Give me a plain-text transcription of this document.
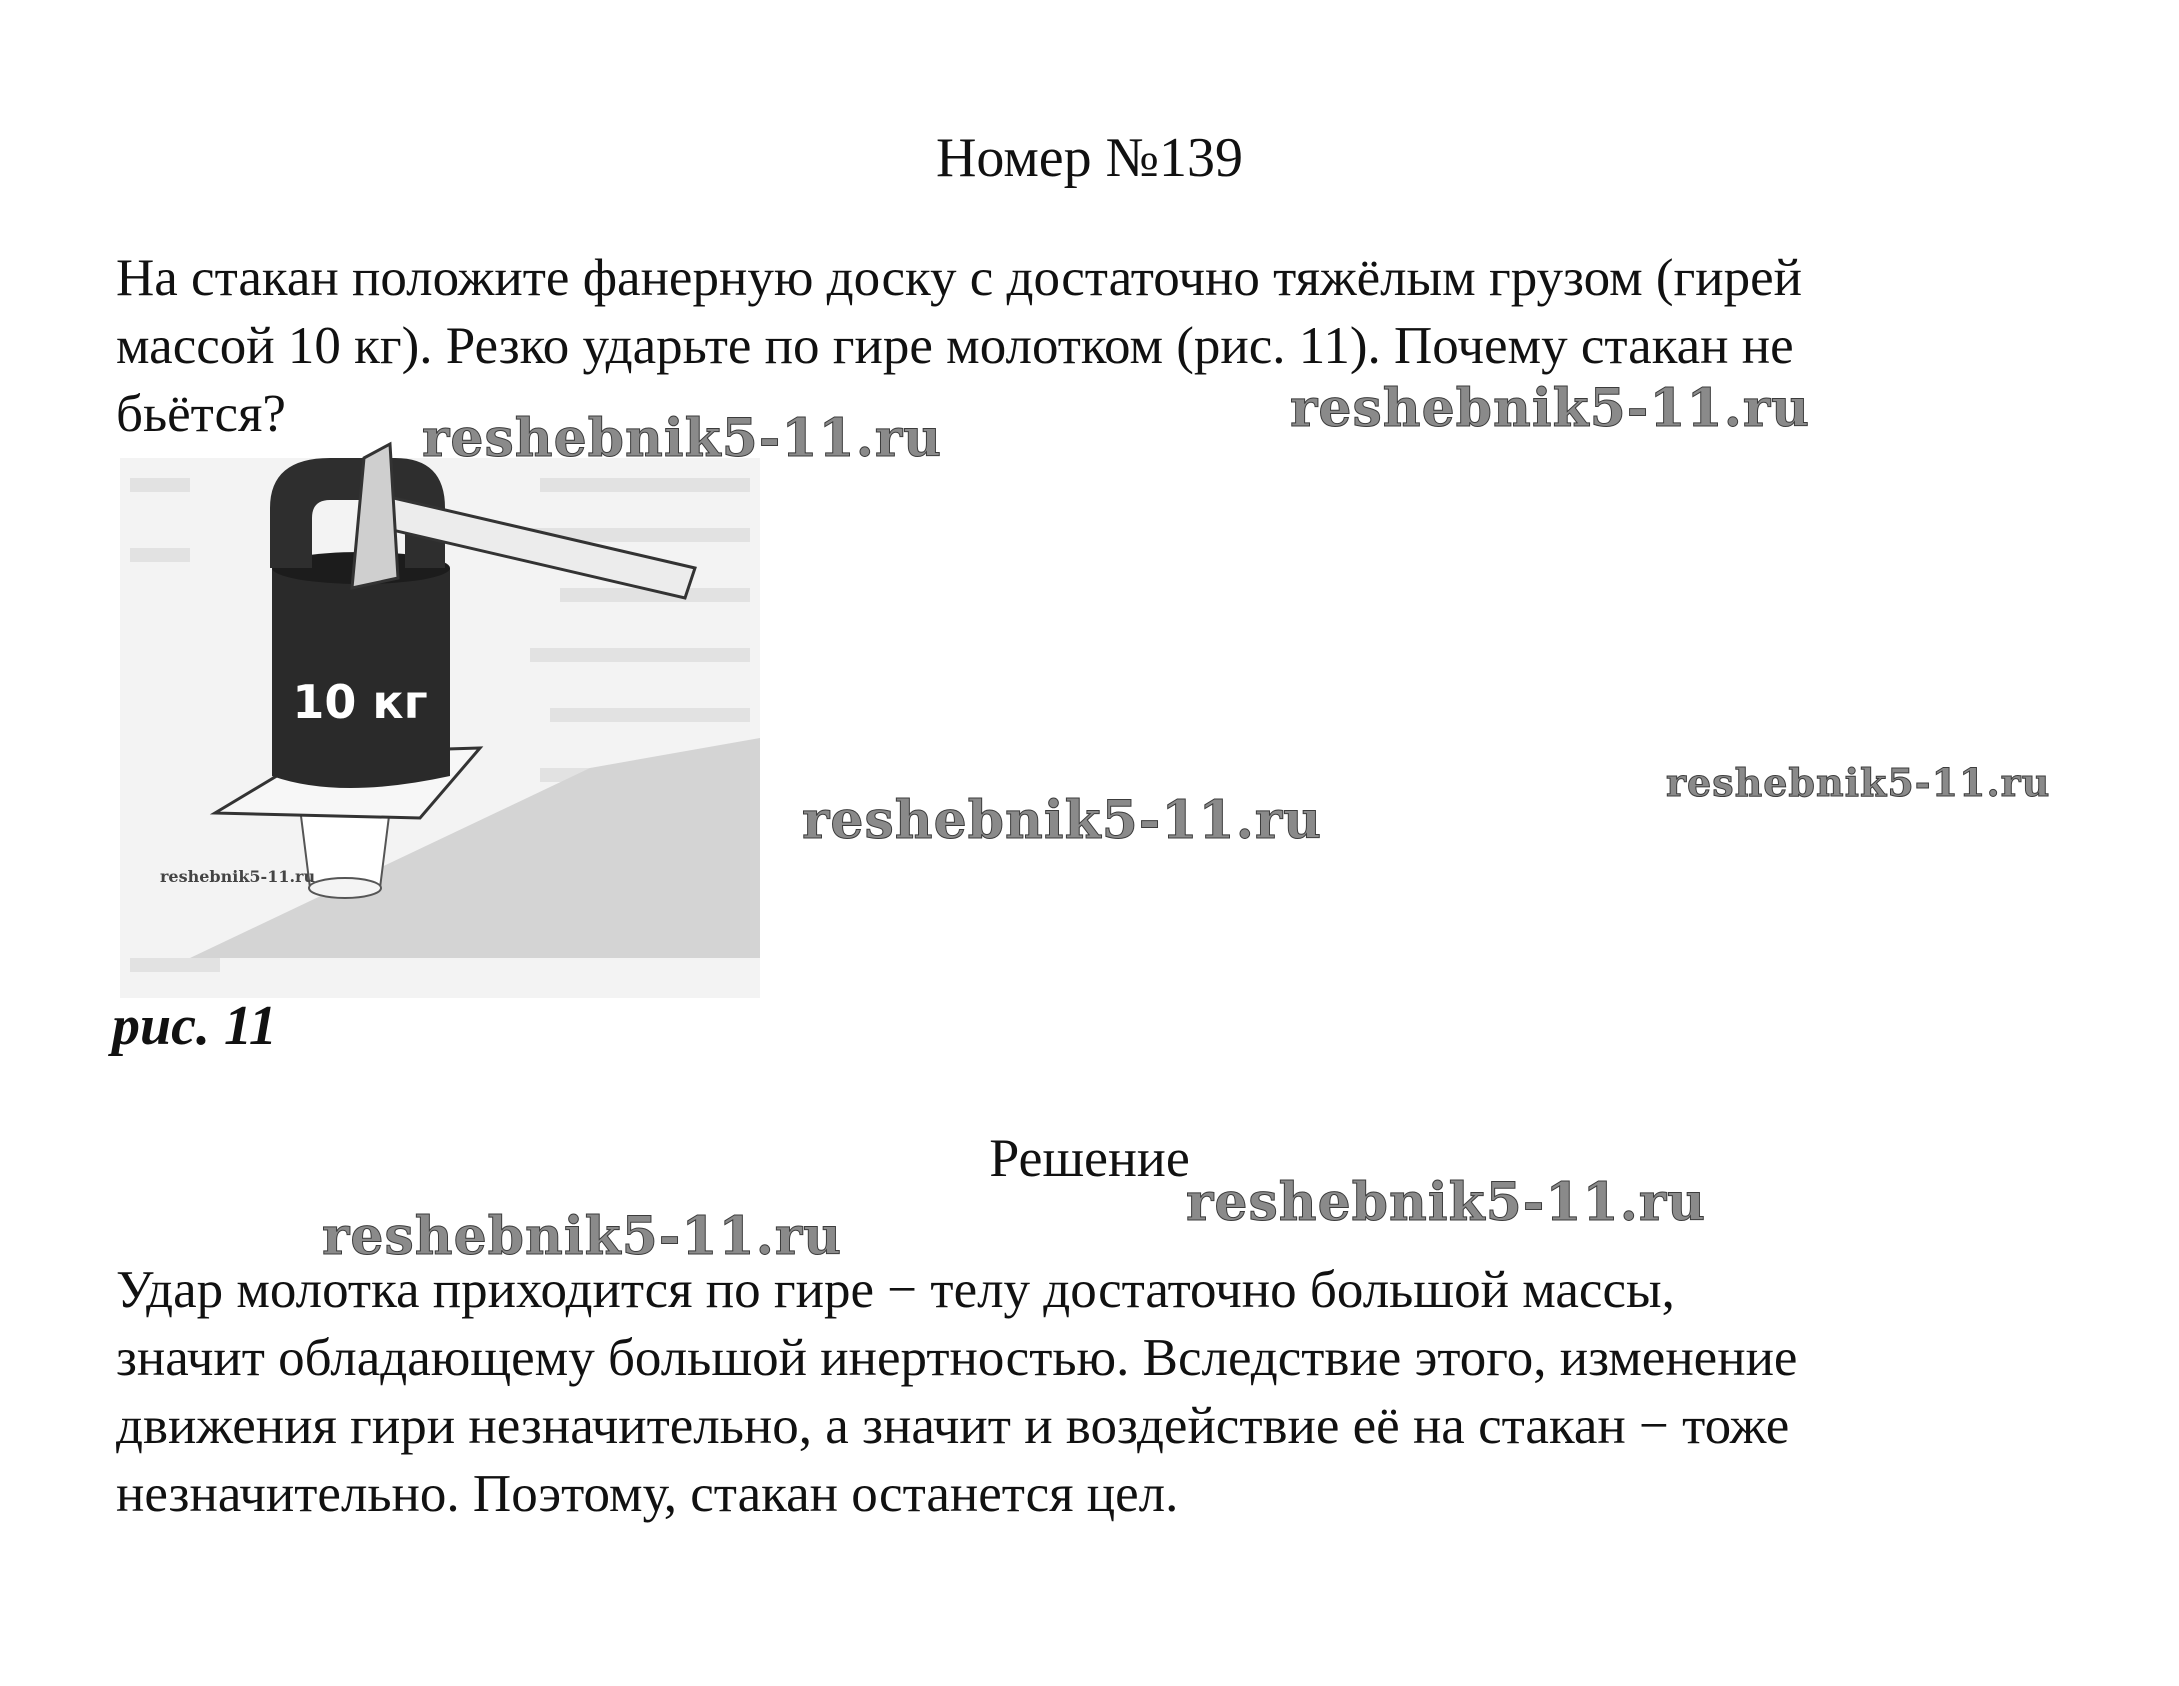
Номер №139

На стакан положите фанерную доску с достаточно тяжёлым грузом (гирей
массой 10 кг). Резко ударьте по гире молотком (рис. 11). Почему стакан не
бьётся?

10 кг
reshebnik5-11.ru
рис. 11
Решение

Удар молотка приходится по гире − телу достаточно большой массы,
значит обладающему большой инертностью. Вследствие этого, изменение
движения гири незначительно, а значит и воздействие её на стакан − тоже
незначительно. Поэтому, стакан останется цел.

reshebnik5-11.ru	reshebnik5-11.ru
reshebnik5-11.ru
reshebnik5-11.ru
reshebnik5-11.ru
reshebnik5-11.ru
